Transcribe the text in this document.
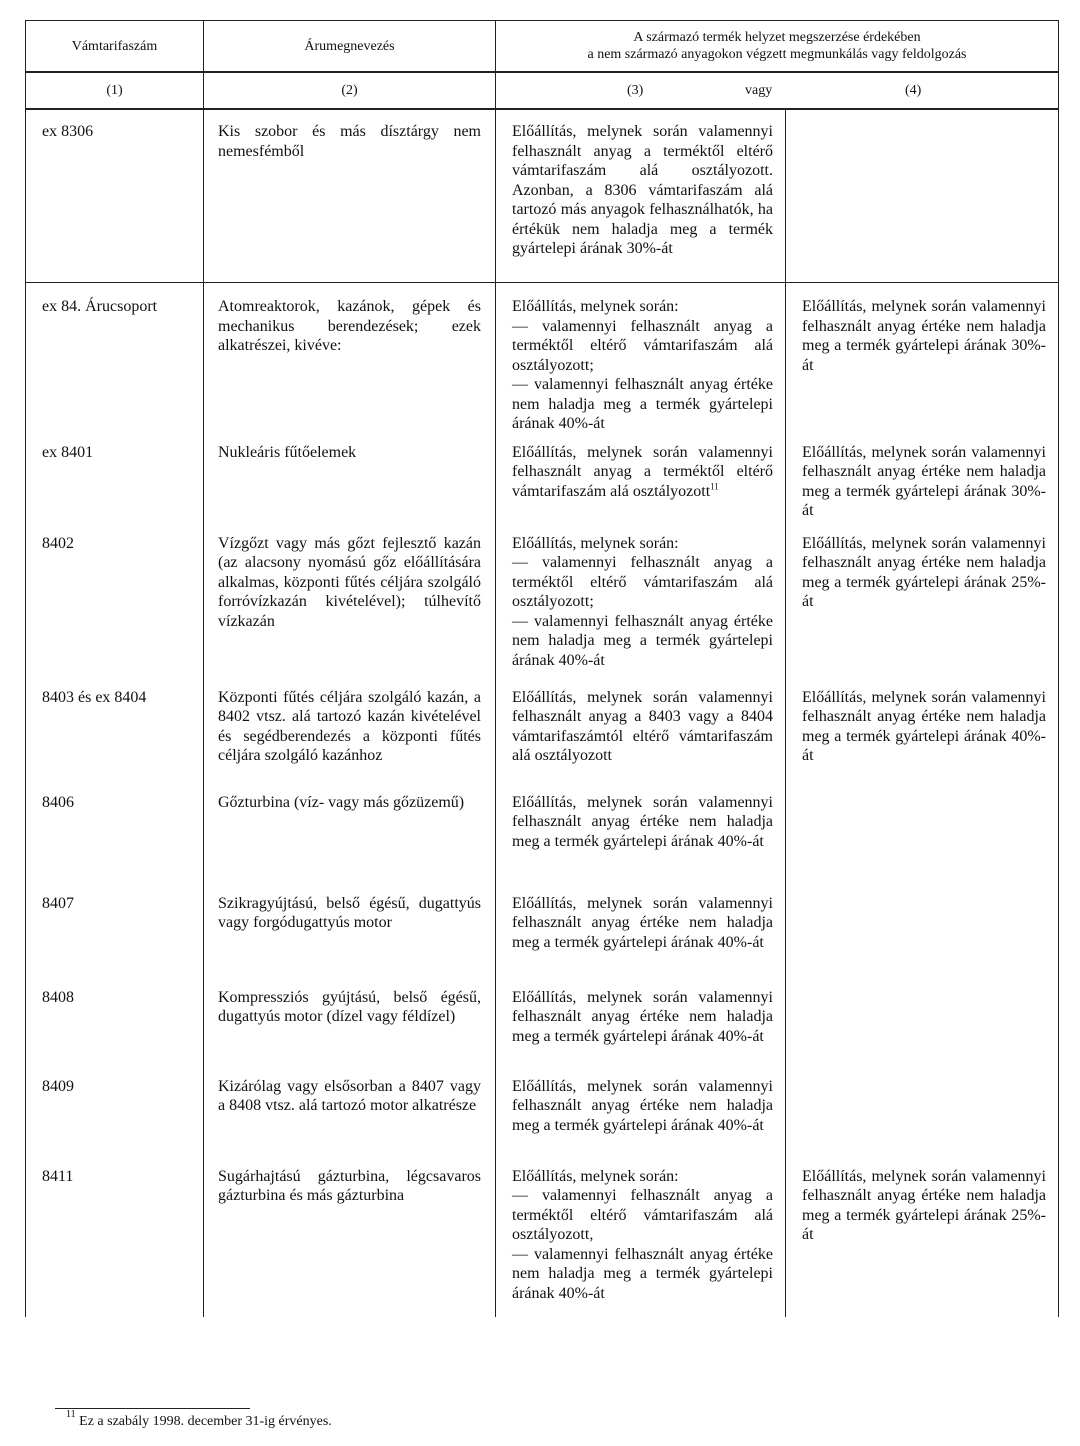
Vámtarifaszám	Árumegnevezés	A származó termék helyzet megszerzése érdekében
a nem származó anyagokon végzett megmunkálás vagy feldolgozás	

(1)	(2)	(3) vagy (4)	

ex 8306	Kis szobor és más dísztárgy nem nemesfémből	Előállítás, melynek során valamennyi felhasznált anyag a terméktől eltérő vámtarifaszám alá osztályozott. Azonban, a 8306 vámtarifaszám alá tartozó más anyagok felhasználhatók, ha értékük nem haladja meg a termék gyártelepi árának 30%-át	
ex 84. Árucsoport	Atomreaktorok, kazánok, gépek és mechanikus berendezések; ezek alkatrészei, kivéve:	Előállítás, melynek során:
— valamennyi felhasznált anyag a terméktől eltérő vámtarifaszám alá osztályozott;
— valamennyi felhasznált anyag értéke nem haladja meg a termék gyártelepi árának 40%-át	Előállítás, melynek során valamennyi felhasznált anyag értéke nem haladja meg a termék gyártelepi árának 30%-át
ex 8401	Nukleáris fűtőelemek	Előállítás, melynek során valamennyi felhasznált anyag a terméktől eltérő vámtarifaszám alá osztályozott$^{11}$	Előállítás, melynek során valamennyi felhasznált anyag értéke nem haladja meg a termék gyártelepi árának 30%-át
8402	Vízgőzt vagy más gőzt fejlesztő kazán (az alacsony nyomású gőz előállítására alkalmas, központi fűtés céljára szolgáló forróvízkazán kivételével); túlhevítő vízkazán	Előállítás, melynek során:
— valamennyi felhasznált anyag a terméktől eltérő vámtarifaszám alá osztályozott;
— valamennyi felhasznált anyag értéke nem haladja meg a termék gyártelepi árának 40%-át	Előállítás, melynek során valamennyi felhasznált anyag értéke nem haladja meg a termék gyártelepi árának 25%-át
8403 és ex 8404	Központi fűtés céljára szolgáló kazán, a 8402 vtsz. alá tartozó kazán kivételével és segédberendezés a központi fűtés céljára szolgáló kazánhoz	Előállítás, melynek során valamennyi felhasznált anyag a 8403 vagy a 8404 vámtarifaszámtól eltérő vámtarifaszám alá osztályozott	Előállítás, melynek során valamennyi felhasznált anyag értéke nem haladja meg a termék gyártelepi árának 40%-át
8406	Gőzturbina (víz- vagy más gőzüzemű)	Előállítás, melynek során valamennyi felhasznált anyag értéke nem haladja meg a termék gyártelepi árának 40%-át	
8407	Szikragyújtású, belső égésű, dugattyús vagy forgódugattyús motor	Előállítás, melynek során valamennyi felhasznált anyag értéke nem haladja meg a termék gyártelepi árának 40%-át	
8408	Kompressziós gyújtású, belső égésű, dugattyús motor (dízel vagy féldízel)	Előállítás, melynek során valamennyi felhasznált anyag értéke nem haladja meg a termék gyártelepi árának 40%-át	
8409	Kizárólag vagy elsősorban a 8407 vagy a 8408 vtsz. alá tartozó motor alkatrésze	Előállítás, melynek során valamennyi felhasznált anyag értéke nem haladja meg a termék gyártelepi árának 40%-át	
8411	Sugárhajtású gázturbina, légcsavaros gázturbina és más gázturbina	Előállítás, melynek során:
— valamennyi felhasznált anyag a terméktől eltérő vámtarifaszám alá osztályozott,
— valamennyi felhasznált anyag értéke nem haladja meg a termék gyártelepi árának 40%-át	Előállítás, melynek során valamennyi felhasznált anyag értéke nem haladja meg a termék gyártelepi árának 25%-át
$^{11}$ Ez a szabály 1998. december 31-ig érvényes.
